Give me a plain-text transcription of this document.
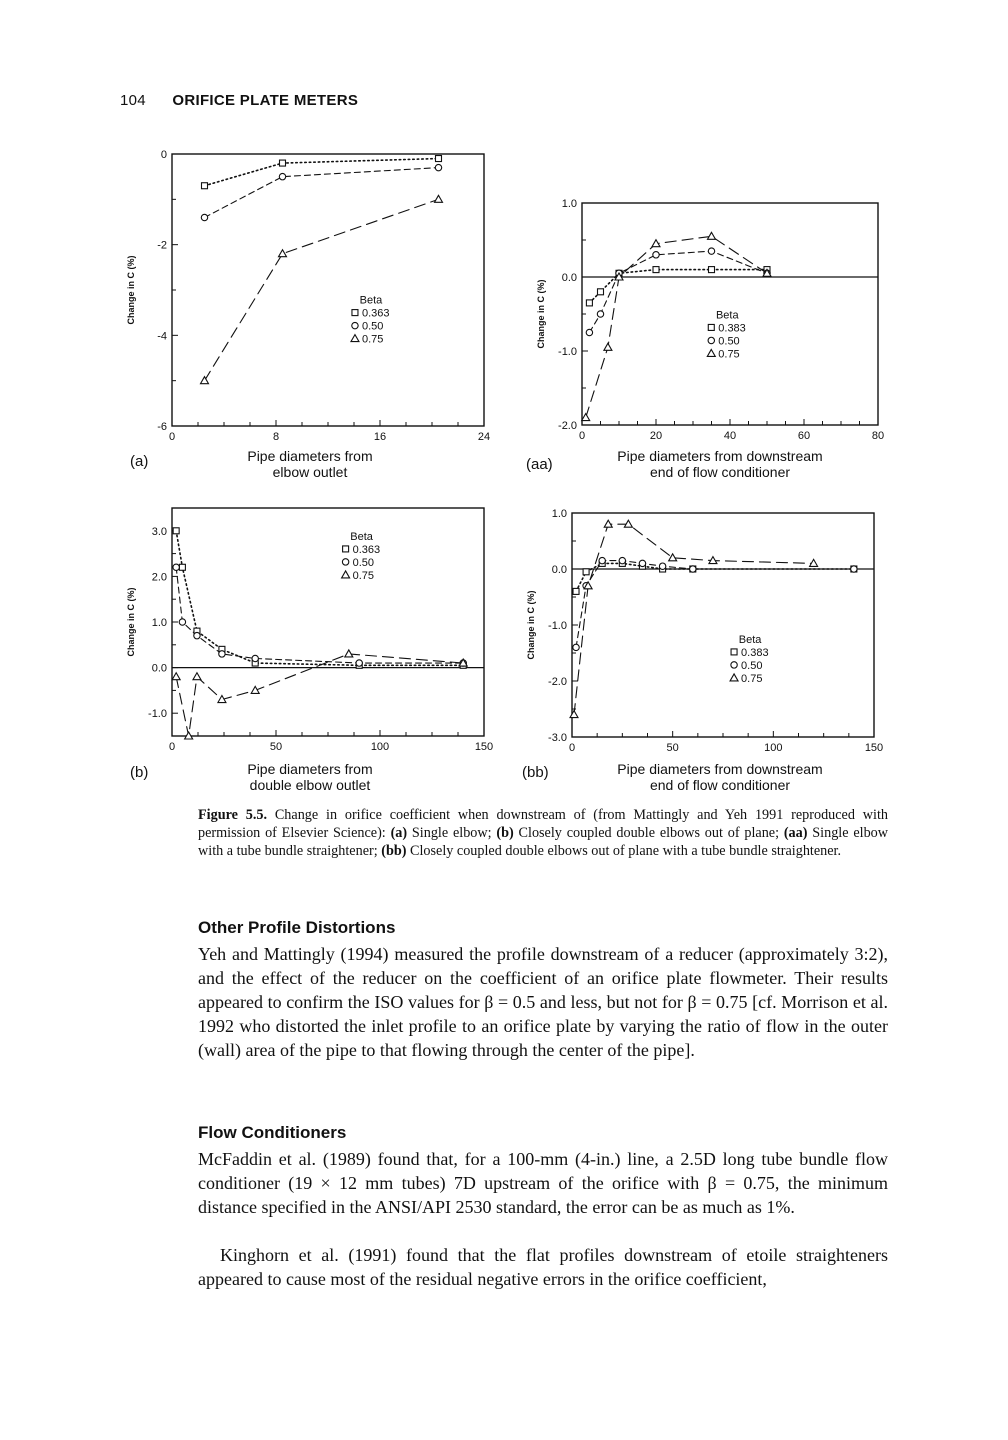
104 ORIFICE PLATE METERS
0	8	16	24
0
-2
-4
-6
Change in C (%)	Beta
0.363
0.50
0.75
(a)	Pipe diameters from
elbow outlet
0	20	40	60	80
1.0
0.0
-1.0
-2.0
Change in C (%)	Beta
0.383
0.50
0.75
(aa)	Pipe diameters from downstream
end of flow conditioner
0	50	100	150
3.0
2.0
1.0
0.0
-1.0
Change in C (%)
Beta
0.363
0.50
0.75
(b)	Pipe diameters from
double elbow outlet
0	50	100	150
1.0
0.0
-1.0
-2.0
-3.0
Change in C (%)	Beta
0.383
0.50
0.75
(bb)	Pipe diameters from downstream
end of flow conditioner
Figure 5.5. Change in orifice coefficient when downstream of (from Mattingly and Yeh 1991 reproduced with permission of Elsevier Science): (a) Single elbow; (b) Closely coupled double elbows out of plane; (aa) Single elbow with a tube bundle straightener; (bb) Closely coupled double elbows out of plane with a tube bundle straightener.
Other Profile Distortions

Yeh and Mattingly (1994) measured the profile downstream of a reducer (approximately 3:2), and the effect of the reducer on the coefficient of an orifice plate flowmeter. Their results appeared to confirm the ISO values for β = 0.5 and less, but not for β = 0.75 [cf. Morrison et al. 1992 who distorted the inlet profile to an orifice plate by varying the ratio of flow in the outer (wall) area of the pipe to that flowing through the center of the pipe].

Flow Conditioners

McFaddin et al. (1989) found that, for a 100-mm (4-in.) line, a 2.5D long tube bundle flow conditioner (19 × 12 mm tubes) 7D upstream of the orifice with β = 0.75, the minimum distance specified in the ANSI/API 2530 standard, the error can be as much as 1%.

Kinghorn et al. (1991) found that the flat profiles downstream of etoile straighteners appeared to cause most of the residual negative errors in the orifice coefficient,
